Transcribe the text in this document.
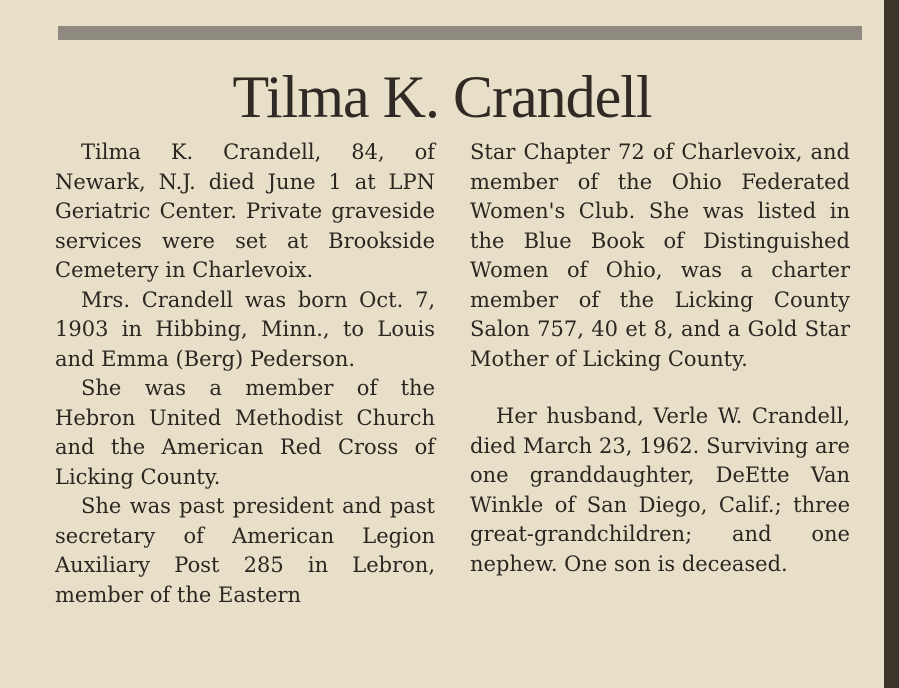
Tilma K. Crandell

Tilma K. Crandell, 84, of Newark, N.J. died June 1 at LPN Geriatric Center. Private graveside services were set at Brookside Cemetery in Charlevoix.

Mrs. Crandell was born Oct. 7, 1903 in Hibbing, Minn., to Louis and Emma (Berg) Pederson.

She was a member of the Hebron United Methodist Church and the American Red Cross of Licking County.

She was past president and past secretary of American Legion Auxiliary Post 285 in Lebron, member of the Eastern

Star Chapter 72 of Charlevoix, and member of the Ohio Federated Women's Club. She was listed in the Blue Book of Distinguished Women of Ohio, was a charter member of the Licking County Salon 757, 40 et 8, and a Gold Star Mother of Licking County.

Her husband, Verle W. Crandell, died March 23, 1962. Surviving are one granddaughter, DeEtte Van Winkle of San Diego, Calif.; three great-grandchildren; and one nephew. One son is deceased.
